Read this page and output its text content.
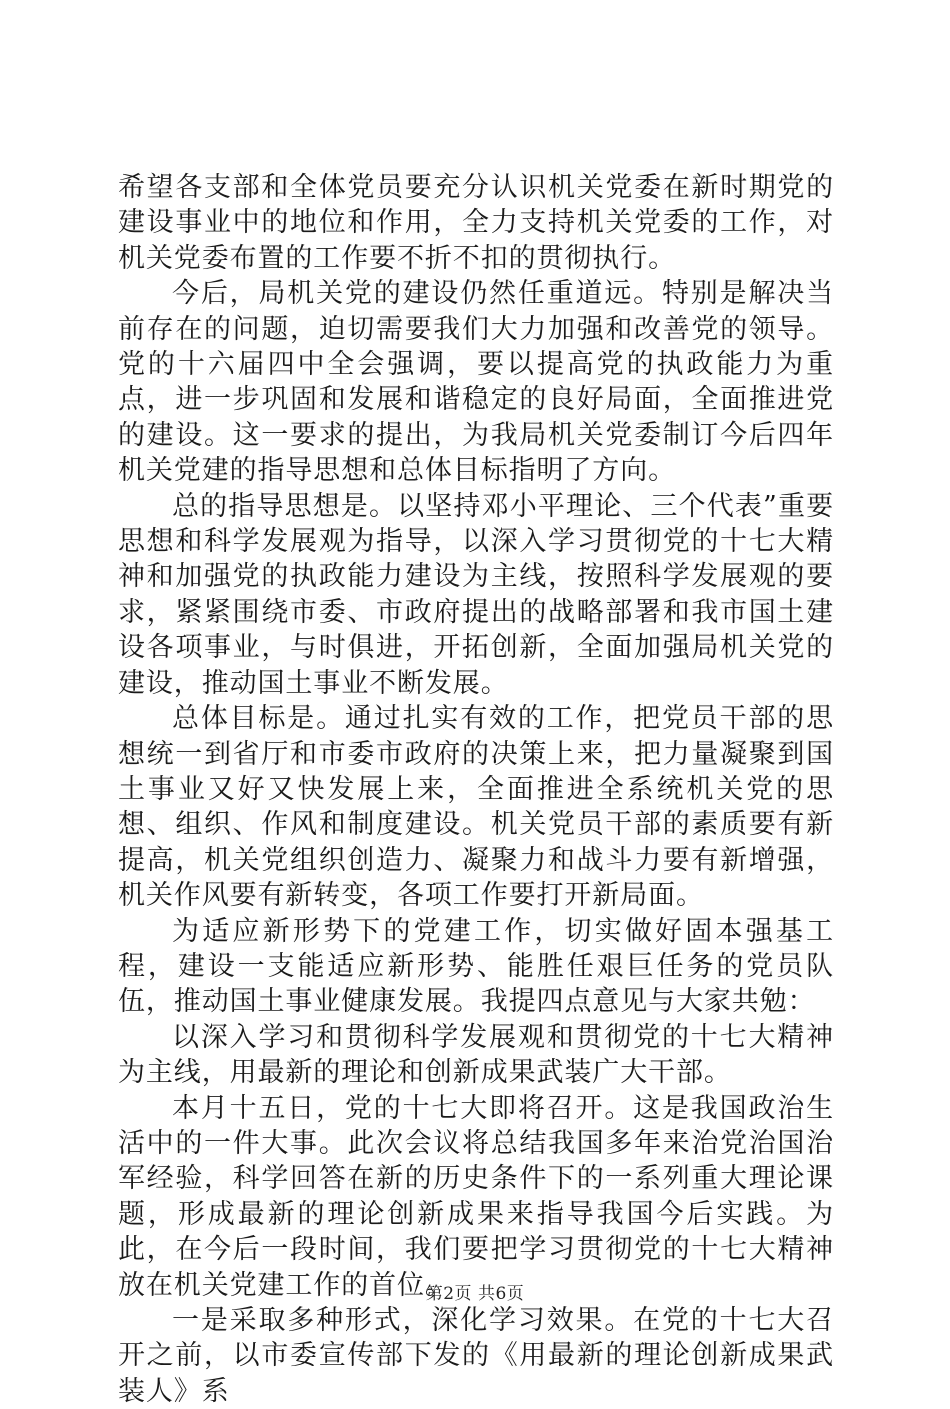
希望各支部和全体党员要充分认识机关党委在新时期党的建设事业中的地位和作用，全力支持机关党委的工作，对机关党委布置的工作要不折不扣的贯彻执行。

今后，局机关党的建设仍然任重道远。特别是解决当前存在的问题，迫切需要我们大力加强和改善党的领导。党的十六届四中全会强调，要以提高党的执政能力为重点，进一步巩固和发展和谐稳定的良好局面，全面推进党的建设。这一要求的提出，为我局机关党委制订今后四年机关党建的指导思想和总体目标指明了方向。

总的指导思想是。以坚持邓小平理论、三个代表”重要思想和科学发展观为指导，以深入学习贯彻党的十七大精神和加强党的执政能力建设为主线，按照科学发展观的要求，紧紧围绕市委、市政府提出的战略部署和我市国土建设各项事业，与时俱进，开拓创新，全面加强局机关党的建设，推动国土事业不断发展。

总体目标是。通过扎实有效的工作，把党员干部的思想统一到省厅和市委市政府的决策上来，把力量凝聚到国土事业又好又快发展上来，全面推进全系统机关党的思想、组织、作风和制度建设。机关党员干部的素质要有新提高，机关党组织创造力、凝聚力和战斗力要有新增强，机关作风要有新转变，各项工作要打开新局面。

为适应新形势下的党建工作，切实做好固本强基工程，建设一支能适应新形势、能胜任艰巨任务的党员队伍，推动国土事业健康发展。我提四点意见与大家共勉：

以深入学习和贯彻科学发展观和贯彻党的十七大精神为主线，用最新的理论和创新成果武装广大干部。

本月十五日，党的十七大即将召开。这是我国政治生活中的一件大事。此次会议将总结我国多年来治党治国治军经验，科学回答在新的历史条件下的一系列重大理论课题，形成最新的理论创新成果来指导我国今后实践。为此，在今后一段时间，我们要把学习贯彻党的十七大精神放在机关党建工作的首位。

一是采取多种形式，深化学习效果。在党的十七大召开之前，以市委宣传部下发的《用最新的理论创新成果武装人》系

第2页 共6页
